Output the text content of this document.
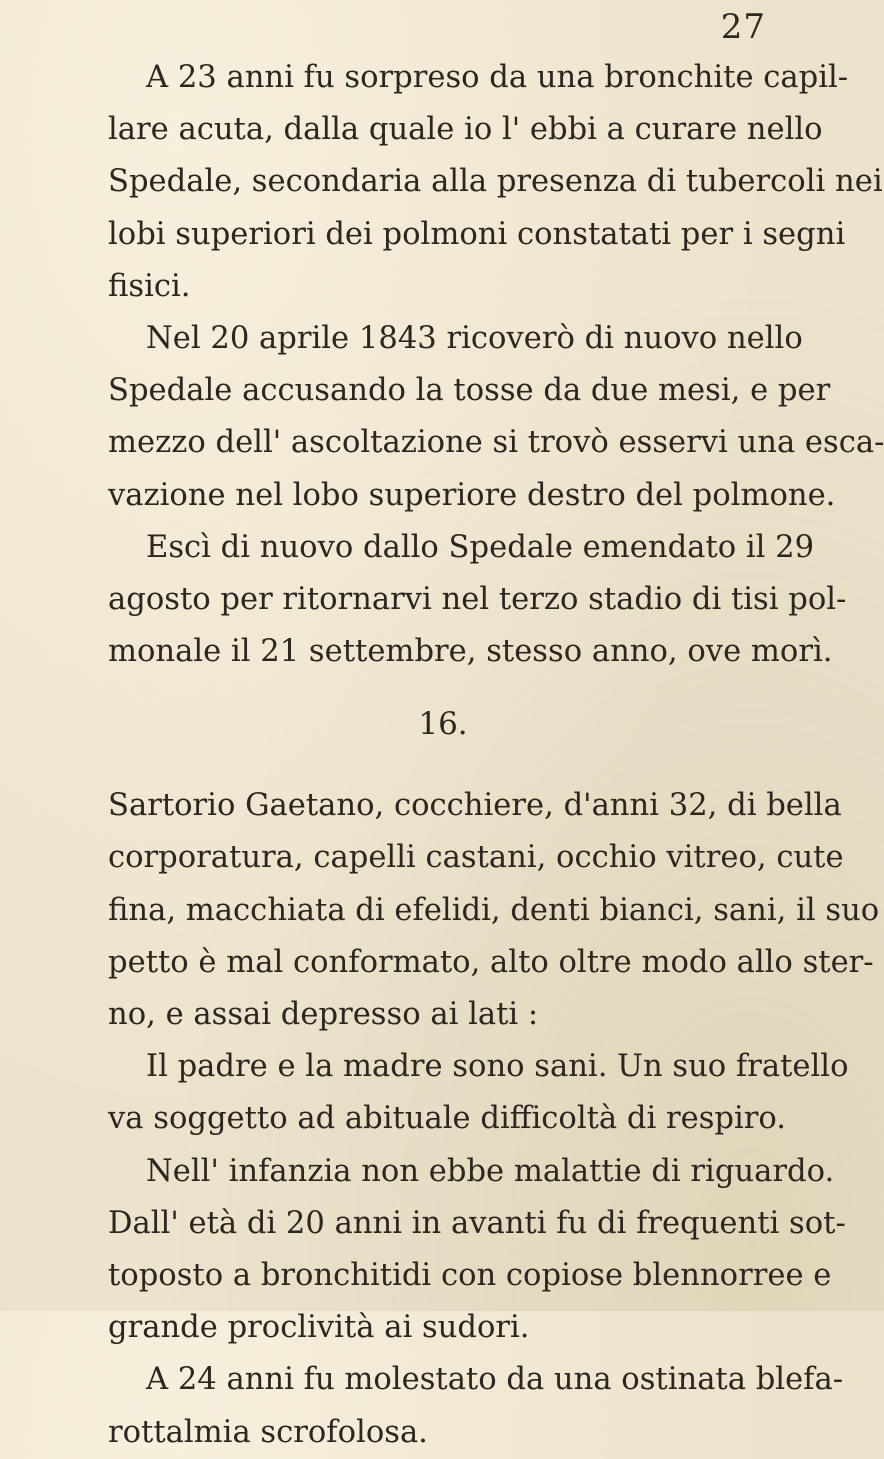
27
A 23 anni fu sorpreso da una bronchite capil-
lare acuta, dalla quale io l' ebbi a curare nello
Spedale, secondaria alla presenza di tubercoli nei
lobi superiori dei polmoni constatati per i segni
fisici.
Nel 20 aprile 1843 ricoverò di nuovo nello
Spedale accusando la tosse da due mesi, e per
mezzo dell' ascoltazione si trovò esservi una esca-
vazione nel lobo superiore destro del polmone.
Escì di nuovo dallo Spedale emendato il 29
agosto per ritornarvi nel terzo stadio di tisi pol-
monale il 21 settembre, stesso anno, ove morì.
16.
Sartorio Gaetano, cocchiere, d'anni 32, di bella
corporatura, capelli castani, occhio vitreo, cute
fina, macchiata di efelidi, denti bianci, sani, il suo
petto è mal conformato, alto oltre modo allo ster-
no, e assai depresso ai lati :
Il padre e la madre sono sani. Un suo fratello
va soggetto ad abituale difficoltà di respiro.
Nell' infanzia non ebbe malattie di riguardo.
Dall' età di 20 anni in avanti fu di frequenti sot-
toposto a bronchitidi con copiose blennorree e
grande proclività ai sudori.
A 24 anni fu molestato da una ostinata blefa-
rottalmia scrofolosa.
